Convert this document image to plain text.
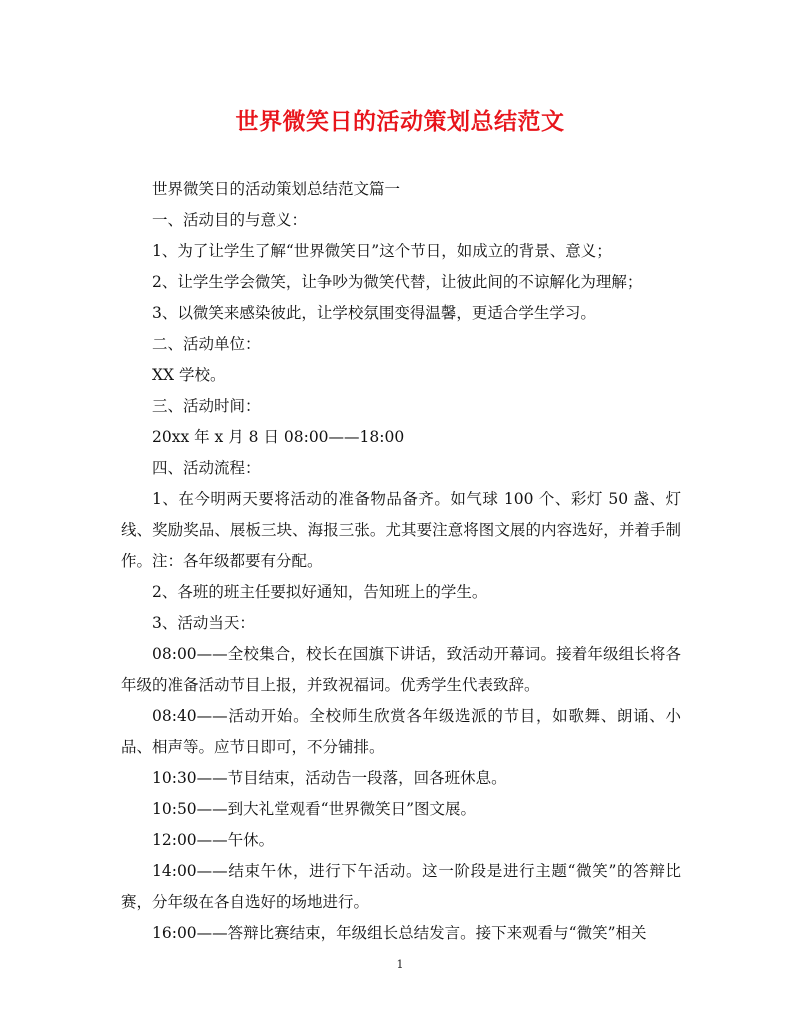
世界微笑日的活动策划总结范文

世界微笑日的活动策划总结范文篇一

一、活动目的与意义：

1、为了让学生了解“世界微笑日”这个节日，如成立的背景、意义；

2、让学生学会微笑，让争吵为微笑代替，让彼此间的不谅解化为理解；

3、以微笑来感染彼此，让学校氛围变得温馨，更适合学生学习。

二、活动单位：

XX 学校。

三、活动时间：

20xx 年 x 月 8 日 08:00——18:00

四、活动流程：

1、在今明两天要将活动的准备物品备齐。如气球 100 个、彩灯 50 盏、灯线、奖励奖品、展板三块、海报三张。尤其要注意将图文展的内容选好，并着手制作。注：各年级都要有分配。

2、各班的班主任要拟好通知，告知班上的学生。

3、活动当天：

08:00——全校集合，校长在国旗下讲话，致活动开幕词。接着年级组长将各年级的准备活动节目上报，并致祝福词。优秀学生代表致辞。

08:40——活动开始。全校师生欣赏各年级选派的节目，如歌舞、朗诵、小品、相声等。应节日即可，不分铺排。

10:30——节目结束，活动告一段落，回各班休息。

10:50——到大礼堂观看“世界微笑日”图文展。

12:00——午休。

14:00——结束午休，进行下午活动。这一阶段是进行主题“微笑”的答辩比赛，分年级在各自选好的场地进行。

16:00——答辩比赛结束，年级组长总结发言。接下来观看与“微笑”相关

1
